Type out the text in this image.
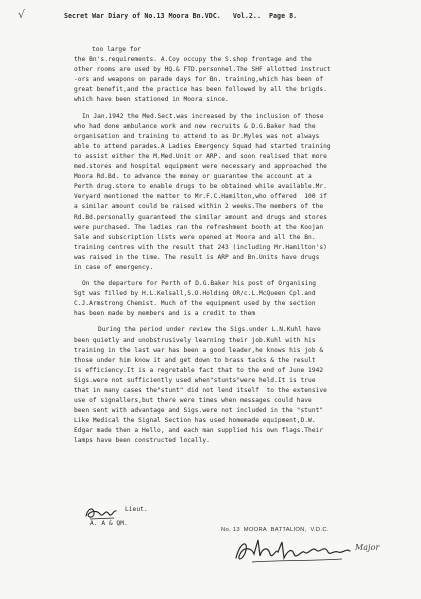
√	Secret War Diary of No.13 Moora Bn.VDC.   Vol.2..  Page 8.
too large for
the Bn's.requirements. A.Coy occupy the S.shop frontage and the
other rooms are used by HQ.& FTD.personnel.The SHF allotted instruct
-ors and weapons on parade days for Bn. training,which has been of
great benefit,and the practice has been followed by all the brigds.
which have been stationed in Moora since.
In Jan.1942 the Med.Sect.was increased by the inclusion of those
who had done ambulance work and new recruits & D.G.Baker had the
organisation and training to attend to as Dr.Myles was not always
able to attend parades.A Ladies Emergency Squad had started training
to assist either the M.Med.Unit or ARP. and soon realised that more
med.stores and hospital equipment were necessary and approached the
Moora Rd.Bd. to advance the money or guarantee the account at a
Perth drug.store to enable drugs to be obtained while available.Mr.
Veryard mentioned the matter to Mr.F.C.Hamilton,who offered  100 if
a similar amount could be raised within 2 weeks.The members of the
Rd.Bd.personally guaranteed the similar amount and drugs and stores
were purchased. The ladies ran the refreshment booth at the Koojan
Sale and subscription lists were opened at Moora and all the Bn.
training centres with the result that 243 (including Mr.Hamilton's)
was raised in the time. The result is ARP and Bn.Units have drugs
in case of emergency.
On the departure for Perth of D.G.Baker his post of Organising
Sgt was filled by H.L.Kelsall,S.O.Holding OR/c.L.McQueen Cpl.and
C.J.Armstrong Chemist. Much of the equipment used by the section
has been made by members and is a credit to them
During the period under review the Sigs.under L.N.Kuhl have
been quietly and unobstrusively learning their job.Kuhl with his
training in the last war has been a good leader,he knows his job &
those under him know it and get down to brass tacks & the result
is efficiency.It is a regretable fact that to the end of June 1942
Sigs.were not sufficiently used when"stunts"were held.It is true
that in many cases the"stunt" did not lend itself  to the extensive
use of signallers,but there were times when messages could have
been sent with advantage and Sigs.were not included in the "stunt"
Like Medical the Signal Section has used homemade equipment,D.W.
Edgar made then a Hello, and each man supplied his own flags.Their
lamps have been constructed locally.
Lieut.
A. A & QM.
No. 13  MOORA  BATTALION,  V.D.C.
Major
